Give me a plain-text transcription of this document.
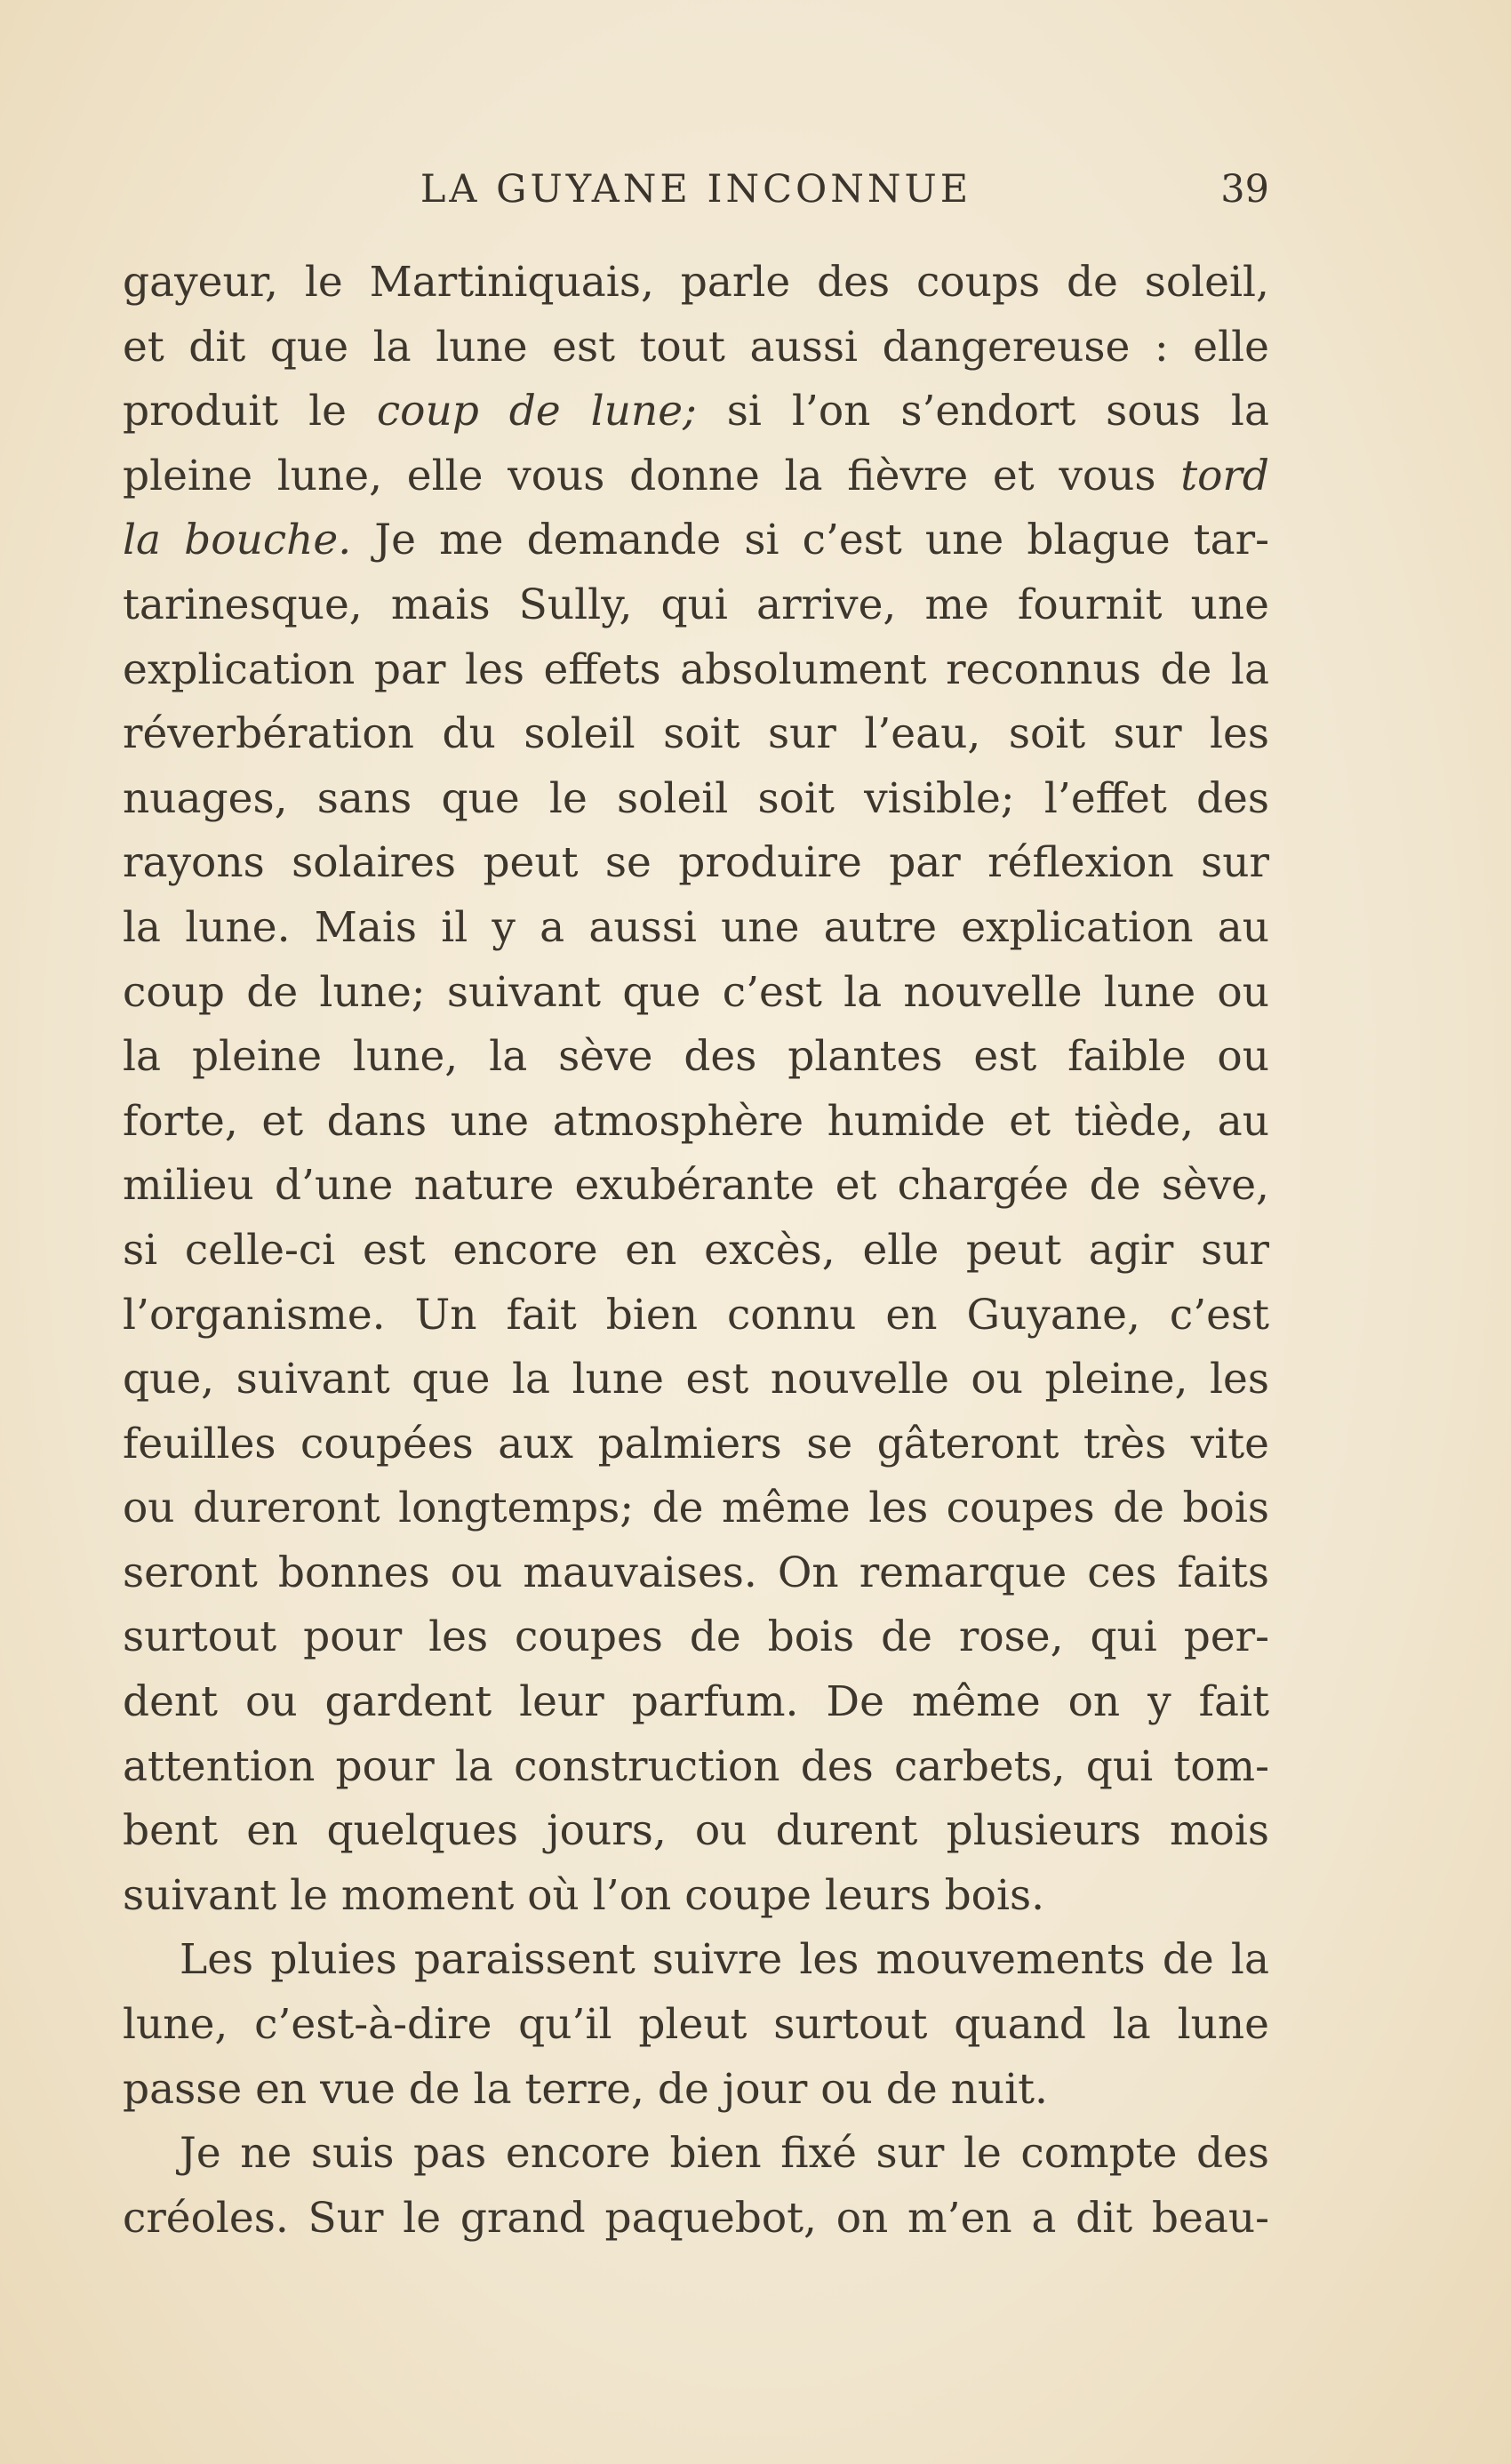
LA GUYANE INCONNUE	39
gayeur, le Martiniquais, parle des coups de soleil,
et dit que la lune est tout aussi dangereuse : elle
produit le coup de lune; si l’on s’endort sous la
pleine lune, elle vous donne la fièvre et vous tord
la bouche. Je me demande si c’est une blague tar-
tarinesque, mais Sully, qui arrive, me fournit une
explication par les effets absolument reconnus de la
réverbération du soleil soit sur l’eau, soit sur les
nuages, sans que le soleil soit visible; l’effet des
rayons solaires peut se produire par réflexion sur
la lune. Mais il y a aussi une autre explication au
coup de lune; suivant que c’est la nouvelle lune ou
la pleine lune, la sève des plantes est faible ou
forte, et dans une atmosphère humide et tiède, au
milieu d’une nature exubérante et chargée de sève,
si celle-ci est encore en excès, elle peut agir sur
l’organisme. Un fait bien connu en Guyane, c’est
que, suivant que la lune est nouvelle ou pleine, les
feuilles coupées aux palmiers se gâteront très vite
ou dureront longtemps; de même les coupes de bois
seront bonnes ou mauvaises. On remarque ces faits
surtout pour les coupes de bois de rose, qui per-
dent ou gardent leur parfum. De même on y fait
attention pour la construction des carbets, qui tom-
bent en quelques jours, ou durent plusieurs mois
suivant le moment où l’on coupe leurs bois.
Les pluies paraissent suivre les mouvements de la
lune, c’est-à-dire qu’il pleut surtout quand la lune
passe en vue de la terre, de jour ou de nuit.
Je ne suis pas encore bien fixé sur le compte des
créoles. Sur le grand paquebot, on m’en a dit beau-
